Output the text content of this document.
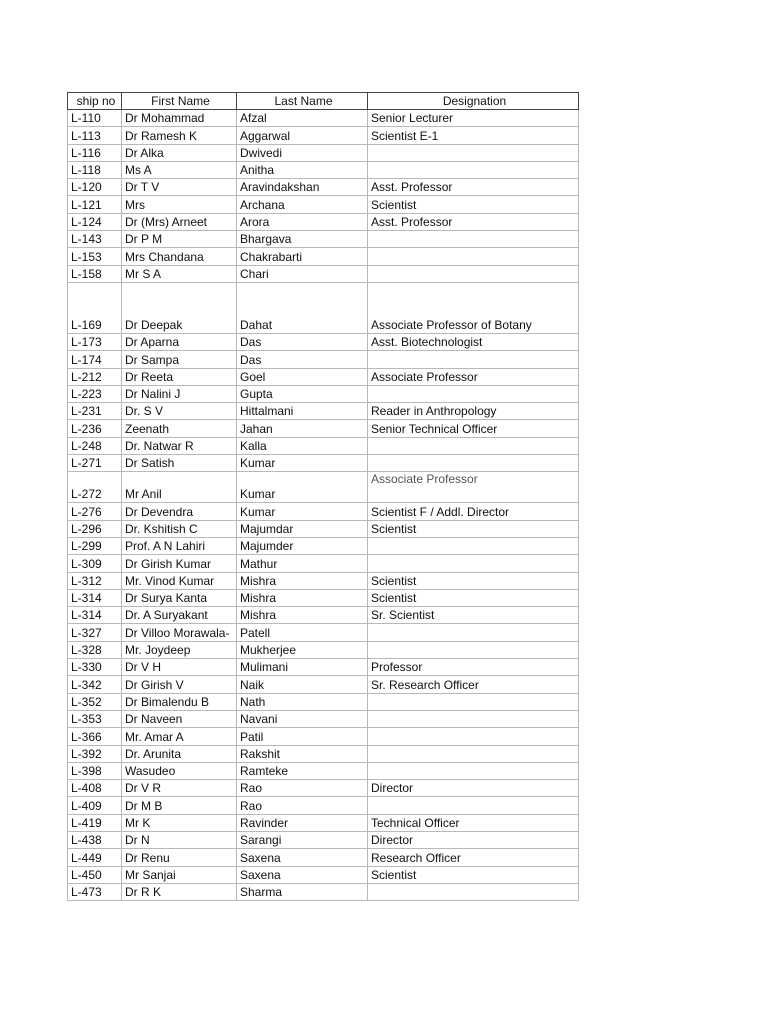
ship no	First Name	Last Name	Designation
L-110	Dr Mohammad	Afzal	Senior Lecturer
L-113	Dr Ramesh K	Aggarwal	Scientist E-1
L-116	Dr Alka	Dwivedi	
L-118	Ms A	Anitha	
L-120	Dr T V	Aravindakshan	Asst. Professor
L-121	Mrs	Archana	Scientist
L-124	Dr (Mrs) Arneet	Arora	Asst. Professor
L-143	Dr P M	Bhargava	
L-153	Mrs Chandana	Chakrabarti	
L-158	Mr S A	Chari	
L-169	Dr Deepak	Dahat	Associate Professor of Botany
L-173	Dr Aparna	Das	Asst. Biotechnologist
L-174	Dr Sampa	Das	
L-212	Dr Reeta	Goel	Associate Professor
L-223	Dr Nalini J	Gupta	
L-231	Dr. S V	Hittalmani	Reader in Anthropology
L-236	Zeenath	Jahan	Senior Technical Officer
L-248	Dr. Natwar R	Kalla	
L-271	Dr Satish	Kumar	
L-272	Mr Anil	Kumar	Associate Professor
L-276	Dr Devendra	Kumar	Scientist F / Addl. Director
L-296	Dr. Kshitish C	Majumdar	Scientist
L-299	Prof. A N Lahiri	Majumder	
L-309	Dr Girish Kumar	Mathur	
L-312	Mr. Vinod Kumar	Mishra	Scientist
L-314	Dr Surya Kanta	Mishra	Scientist
L-314	Dr. A Suryakant	Mishra	Sr. Scientist
L-327	Dr Villoo Morawala-	Patell	
L-328	Mr. Joydeep	Mukherjee	
L-330	Dr V H	Mulimani	Professor
L-342	Dr Girish V	Naik	Sr. Research Officer
L-352	Dr Bimalendu B	Nath	
L-353	Dr Naveen	Navani	
L-366	Mr. Amar A	Patil	
L-392	Dr. Arunita	Rakshit	
L-398	Wasudeo	Ramteke	
L-408	Dr V R	Rao	Director
L-409	Dr M B	Rao	
L-419	Mr K	Ravinder	Technical Officer
L-438	Dr N	Sarangi	Director
L-449	Dr Renu	Saxena	Research Officer
L-450	Mr Sanjai	Saxena	Scientist
L-473	Dr R K	Sharma	
